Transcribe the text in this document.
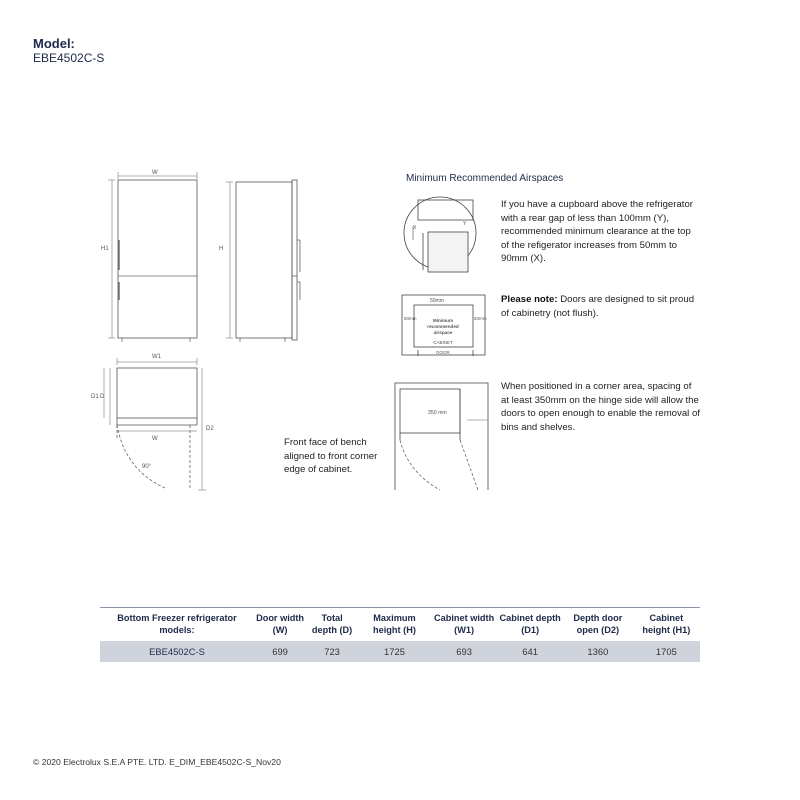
Model:
EBE4502C-S
W
H1	H
W1
D1 D
W
D2
90°
X
Y
50mm
50mm	50mm
Minimum
recommended
airspace
CABINET
DOOR
350 mm
Minimum Recommended Airspaces
If you have a cupboard above the refrigerator with a rear gap of less than 100mm (Y), recommended minimum clearance at the top of the refigerator increases from 50mm to 90mm (X).
Please note: Doors are designed to sit proud of cabinetry (not flush).
When positioned in a corner area, spacing of at least 350mm on the hinge side will allow the doors to open enough to enable the removal of bins and shelves.
Front face of bench aligned to front corner edge of cabinet.
Bottom Freezer refrigerator models:	Door width (W)	Total depth (D)	Maximum height (H)	Cabinet width (W1)	Cabinet depth (D1)	Depth door open (D2)	Cabinet height (H1)
EBE4502C-S	699	723	1725	693	641	1360	1705
© 2020 Electrolux S.E.A PTE. LTD. E_DIM_EBE4502C-S_Nov20
